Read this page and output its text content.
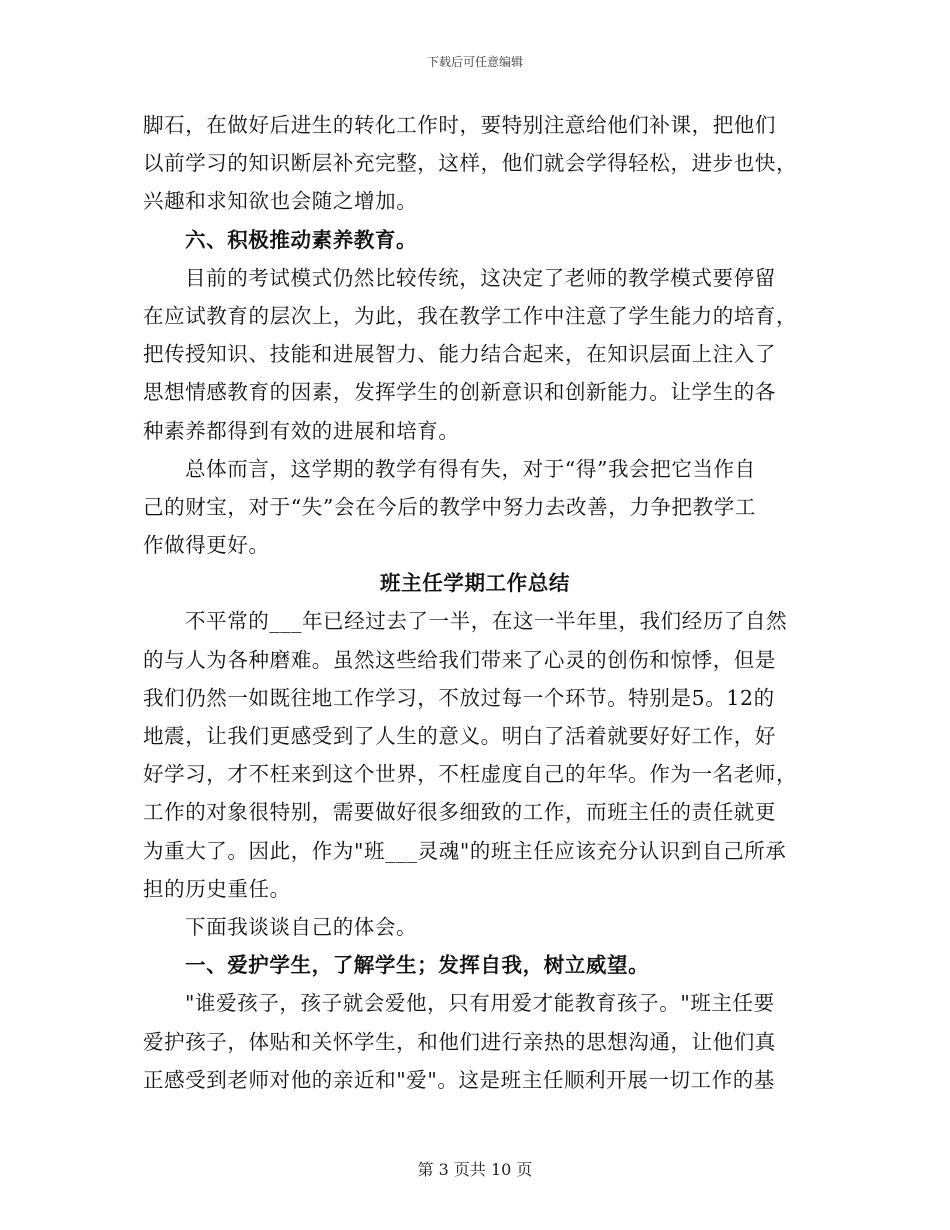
下载后可任意编辑
脚石，在做好后进生的转化工作时，要特别注意给他们补课，把他们
以前学习的知识断层补充完整，这样，他们就会学得轻松，进步也快，
兴趣和求知欲也会随之增加。
六、积极推动素养教育。
目前的考试模式仍然比较传统，这决定了老师的教学模式要停留
在应试教育的层次上，为此，我在教学工作中注意了学生能力的培育，
把传授知识、技能和进展智力、能力结合起来，在知识层面上注入了
思想情感教育的因素，发挥学生的创新意识和创新能力。让学生的各
种素养都得到有效的进展和培育。
总体而言，这学期的教学有得有失，对于“得”我会把它当作自
己的财宝，对于“失”会在今后的教学中努力去改善，力争把教学工
作做得更好。
班主任学期工作总结
不平常的___年已经过去了一半，在这一半年里，我们经历了自然
的与人为各种磨难。虽然这些给我们带来了心灵的创伤和惊悸，但是
我们仍然一如既往地工作学习，不放过每一个环节。特别是5。12的
地震，让我们更感受到了人生的意义。明白了活着就要好好工作，好
好学习，才不枉来到这个世界，不枉虚度自己的年华。作为一名老师，
工作的对象很特别，需要做好很多细致的工作，而班主任的责任就更
为重大了。因此，作为"班___灵魂"的班主任应该充分认识到自己所承
担的历史重任。
下面我谈谈自己的体会。
一、爱护学生，了解学生；发挥自我，树立威望。
"谁爱孩子，孩子就会爱他，只有用爱才能教育孩子。"班主任要
爱护孩子，体贴和关怀学生，和他们进行亲热的思想沟通，让他们真
正感受到老师对他的亲近和"爱"。这是班主任顺利开展一切工作的基
第 3 页共 10 页
